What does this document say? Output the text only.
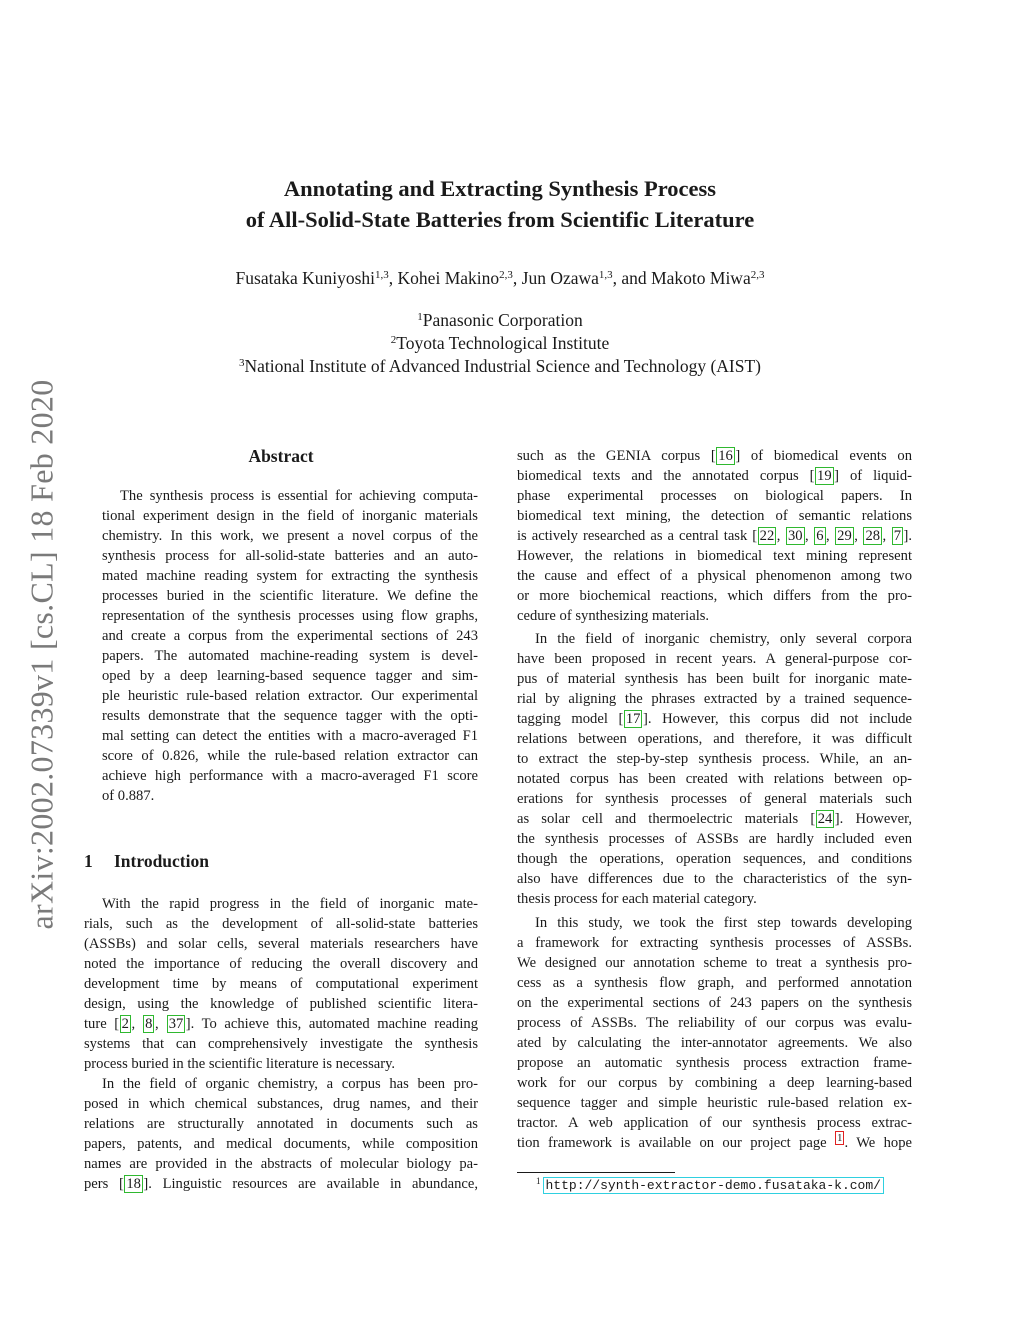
arXiv:2002.07339v1 [cs.CL] 18 Feb 2020
Annotating and Extracting Synthesis Process
of All-Solid-State Batteries from Scientific Literature
Fusataka Kuniyoshi$^{1,3}$, Kohei Makino$^{2,3}$, Jun Ozawa$^{1,3}$, and Makoto Miwa$^{2,3}$
$^1$Panasonic Corporation
$^2$Toyota Technological Institute
$^3$National Institute of Advanced Industrial Science and Technology (AIST)
Abstract
The synthesis process is essential for achieving computa-
tional experiment design in the field of inorganic materials
chemistry. In this work, we present a novel corpus of the
synthesis process for all-solid-state batteries and an auto-
mated machine reading system for extracting the synthesis
processes buried in the scientific literature. We define the
representation of the synthesis processes using flow graphs,
and create a corpus from the experimental sections of 243
papers. The automated machine-reading system is devel-
oped by a deep learning-based sequence tagger and sim-
ple heuristic rule-based relation extractor. Our experimental
results demonstrate that the sequence tagger with the opti-
mal setting can detect the entities with a macro-averaged F1
score of 0.826, while the rule-based relation extractor can
achieve high performance with a macro-averaged F1 score
of 0.887.
1 Introduction
With the rapid progress in the field of inorganic mate-
rials, such as the development of all-solid-state batteries
(ASSBs) and solar cells, several materials researchers have
noted the importance of reducing the overall discovery and
development time by means of computational experiment
design, using the knowledge of published scientific litera-
ture [ 2 , 8 , 37 ]. To achieve this, automated machine reading
systems that can comprehensively investigate the synthesis
process buried in the scientific literature is necessary.
In the field of organic chemistry, a corpus has been pro-
posed in which chemical substances, drug names, and their
relations are structurally annotated in documents such as
papers, patents, and medical documents, while composition
names are provided in the abstracts of molecular biology pa-
pers [ 18 ]. Linguistic resources are available in abundance,
such as the GENIA corpus [ 16 ] of biomedical events on
biomedical texts and the annotated corpus [ 19 ] of liquid-
phase experimental processes on biological papers. In
biomedical text mining, the detection of semantic relations
is actively researched as a central task [ 22 , 30 , 6 , 29 , 28 , 7 ].
However, the relations in biomedical text mining represent
the cause and effect of a physical phenomenon among two
or more biochemical reactions, which differs from the pro-
cedure of synthesizing materials.
In the field of inorganic chemistry, only several corpora
have been proposed in recent years. A general-purpose cor-
pus of material synthesis has been built for inorganic mate-
rial by aligning the phrases extracted by a trained sequence-
tagging model [ 17 ]. However, this corpus did not include
relations between operations, and therefore, it was difficult
to extract the step-by-step synthesis process. While, an an-
notated corpus has been created with relations between op-
erations for synthesis processes of general materials such
as solar cell and thermoelectric materials [ 24 ]. However,
the synthesis processes of ASSBs are hardly included even
though the operations, operation sequences, and conditions
also have differences due to the characteristics of the syn-
thesis process for each material category.
In this study, we took the first step towards developing
a framework for extracting synthesis processes of ASSBs.
We designed our annotation scheme to treat a synthesis pro-
cess as a synthesis flow graph, and performed annotation
on the experimental sections of 243 papers on the synthesis
process of ASSBs. The reliability of our corpus was evalu-
ated by calculating the inter-annotator agreements. We also
propose an automatic synthesis process extraction frame-
work for our corpus by combining a deep learning-based
sequence tagger and simple heuristic rule-based relation ex-
tractor. A web application of our synthesis process extrac-
tion framework is available on our project page $^1$ . We hope
$^1$ http://synth-extractor-demo.fusataka-k.com/
